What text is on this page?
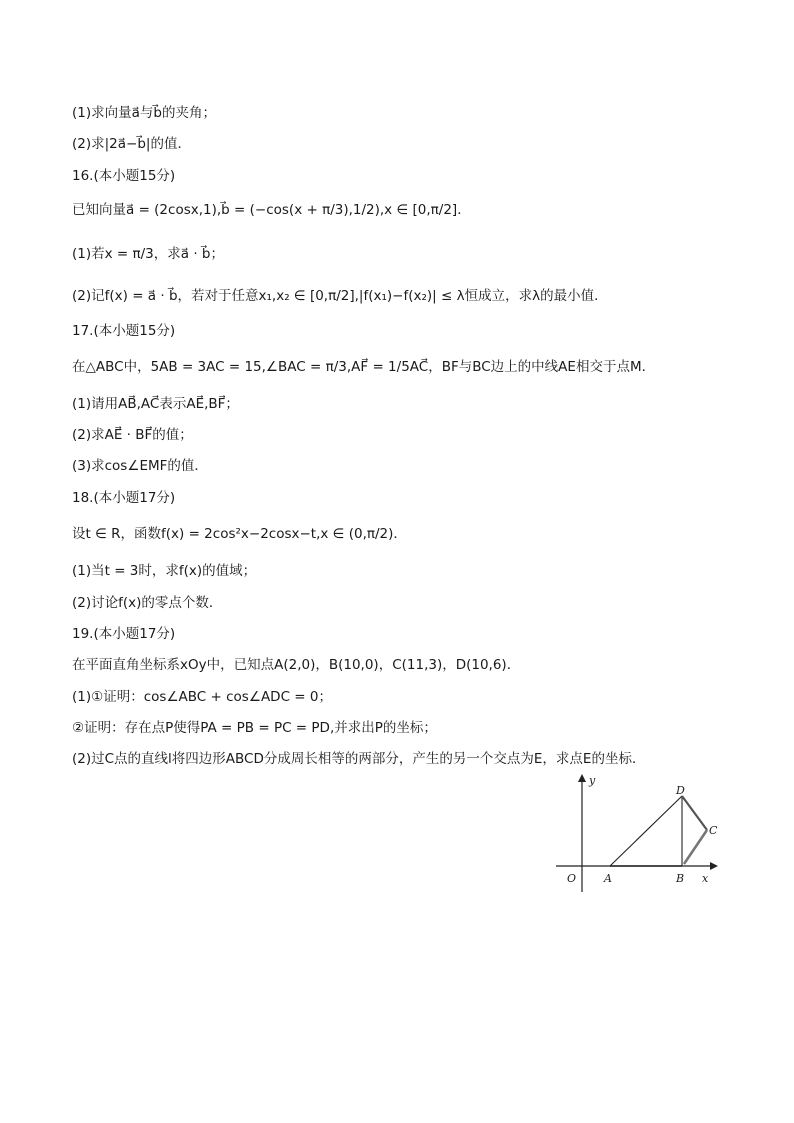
(1)求向量a⃗与b⃗的夹角；
(2)求|2a⃗−b⃗|的值．
16.(本小题15分)
已知向量a⃗ = (2cosx,1),b⃗ = (−cos(x + π/3),1/2),x ∈ [0,π/2]．
(1)若x = π/3，求a⃗ · b⃗；
(2)记f(x) = a⃗ · b⃗，若对于任意x₁,x₂ ∈ [0,π/2],|f(x₁)−f(x₂)| ≤ λ恒成立，求λ的最小值．
17.(本小题15分)
在△ABC中，5AB = 3AC = 15,∠BAC = π/3,AF⃗ = 1/5AC⃗，BF与BC边上的中线AE相交于点M．
(1)请用AB⃗,AC⃗表示AE⃗,BF⃗；
(2)求AE⃗ · BF⃗的值；
(3)求cos∠EMF的值．
18.(本小题17分)
设t ∈ R，函数f(x) = 2cos²x−2cosx−t,x ∈ (0,π/2)．
(1)当t = 3时，求f(x)的值域；
(2)讨论f(x)的零点个数．
19.(本小题17分)
在平面直角坐标系xOy中，已知点A(2,0)，B(10,0)，C(11,3)，D(10,6)．
(1)①证明：cos∠ABC + cos∠ADC = 0；
②证明：存在点P使得PA = PB = PC = PD,并求出P的坐标；
(2)过C点的直线l将四边形ABCD分成周长相等的两部分，产生的另一个交点为E，求点E的坐标．
y
x
O	A	B
C
D
